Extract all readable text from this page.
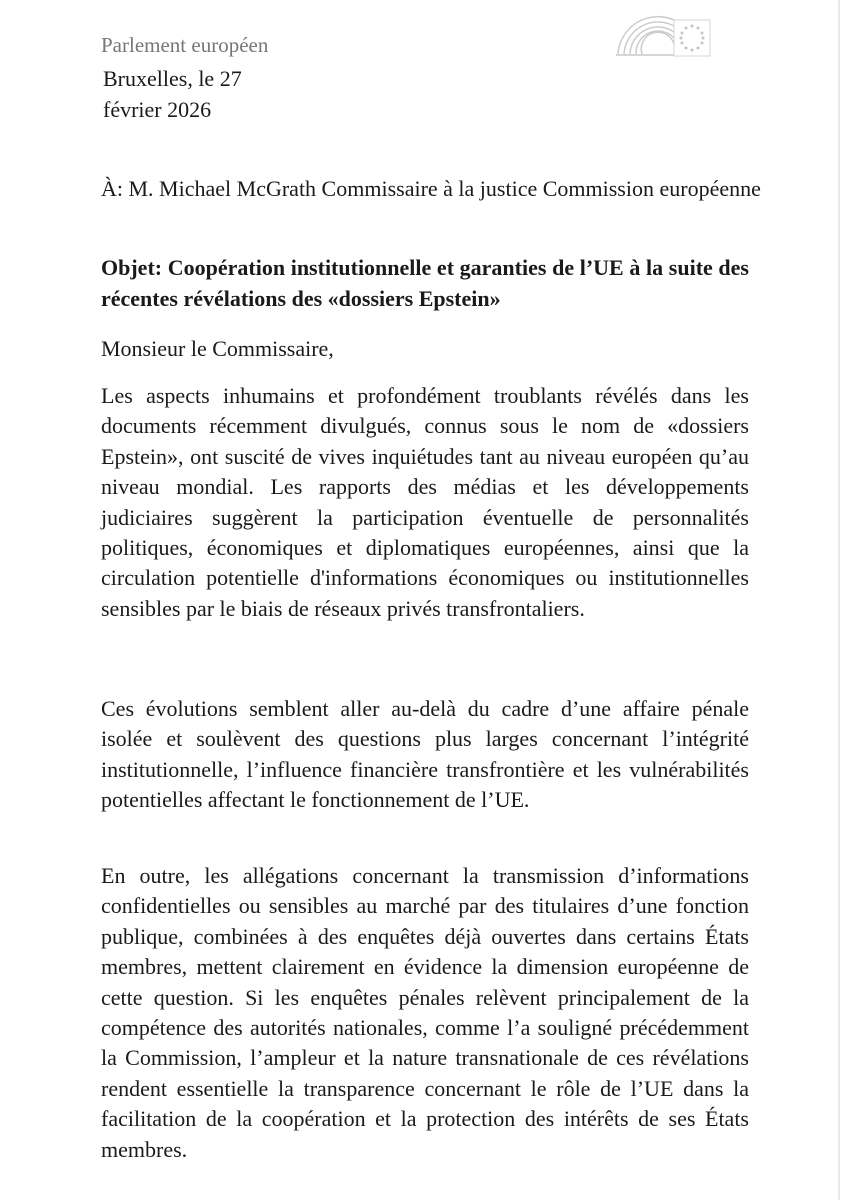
Parlement européen
Bruxelles, le 27 février 2026
À: M. Michael McGrath Commissaire à la justice Commission européenne
Objet: Coopération institutionnelle et garanties de l’UE à la suite des récentes révélations des «dossiers Epstein»
Monsieur le Commissaire,

Les aspects inhumains et profondément troublants révélés dans les documents récemment divulgués, connus sous le nom de «dossiers Epstein», ont suscité de vives inquiétudes tant au niveau européen qu’au niveau mondial. Les rapports des médias et les développements judiciaires suggèrent la participation éventuelle de personnalités politiques, économiques et diplomatiques européennes, ainsi que la circulation potentielle d'informations économiques ou institutionnelles sensibles par le biais de réseaux privés transfrontaliers.

Ces évolutions semblent aller au-delà du cadre d’une affaire pénale isolée et soulèvent des questions plus larges concernant l’intégrité institutionnelle, l’influence financière transfrontière et les vulnérabilités potentielles affectant le fonctionnement de l’UE.

En outre, les allégations concernant la transmission d’informations confidentielles ou sensibles au marché par des titulaires d’une fonction publique, combinées à des enquêtes déjà ouvertes dans certains États membres, mettent clairement en évidence la dimension européenne de cette question. Si les enquêtes pénales relèvent principalement de la compétence des autorités nationales, comme l’a souligné précédemment la Commission, l’ampleur et la nature transnationale de ces révélations rendent essentielle la transparence concernant le rôle de l’UE dans la facilitation de la coopération et la protection des intérêts de ses États membres.
